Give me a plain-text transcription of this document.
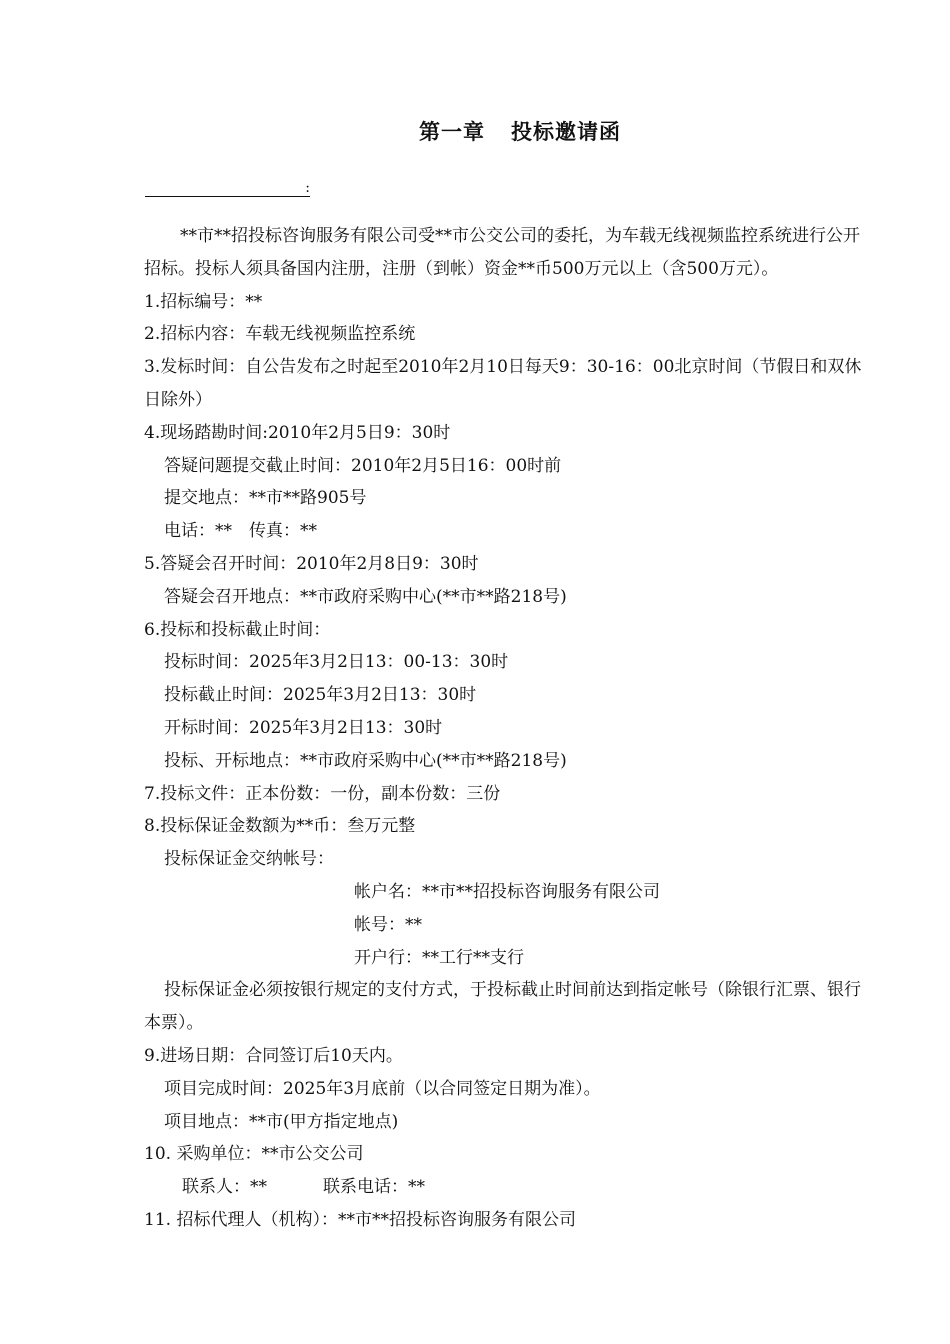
第一章 投标邀请函
:
**市**招投标咨询服务有限公司受**市公交公司的委托，为车载无线视频监控系统进行公开招标。投标人须具备国内注册，注册（到帐）资金**币500万元以上（含500万元）。
1.招标编号：**
2.招标内容：车载无线视频监控系统
3.发标时间：自公告发布之时起至2010年2月10日每天9：30-16：00北京时间（节假日和双休日除外）
4.现场踏勘时间:2010年2月5日9：30时
答疑问题提交截止时间：2010年2月5日16：00时前
提交地点：**市**路905号
电话：**　传真：**
5.答疑会召开时间：2010年2月8日9：30时
答疑会召开地点：**市政府采购中心(**市**路218号)
6.投标和投标截止时间：
投标时间：2025年3月2日13：00-13：30时
投标截止时间：2025年3月2日13：30时
开标时间：2025年3月2日13：30时
投标、开标地点：**市政府采购中心(**市**路218号)
7.投标文件：正本份数：一份，副本份数：三份
8.投标保证金数额为**币：叁万元整
投标保证金交纳帐号：
帐户名：**市**招投标咨询服务有限公司
帐号：**
开户行：**工行**支行
投标保证金必须按银行规定的支付方式，于投标截止时间前达到指定帐号（除银行汇票、银行本票）。
9.进场日期：合同签订后10天内。
项目完成时间：2025年3月底前（以合同签定日期为准）。
项目地点：**市(甲方指定地点)
10. 采购单位：**市公交公司
联系人：**	联系电话：**
11. 招标代理人（机构）：**市**招投标咨询服务有限公司
